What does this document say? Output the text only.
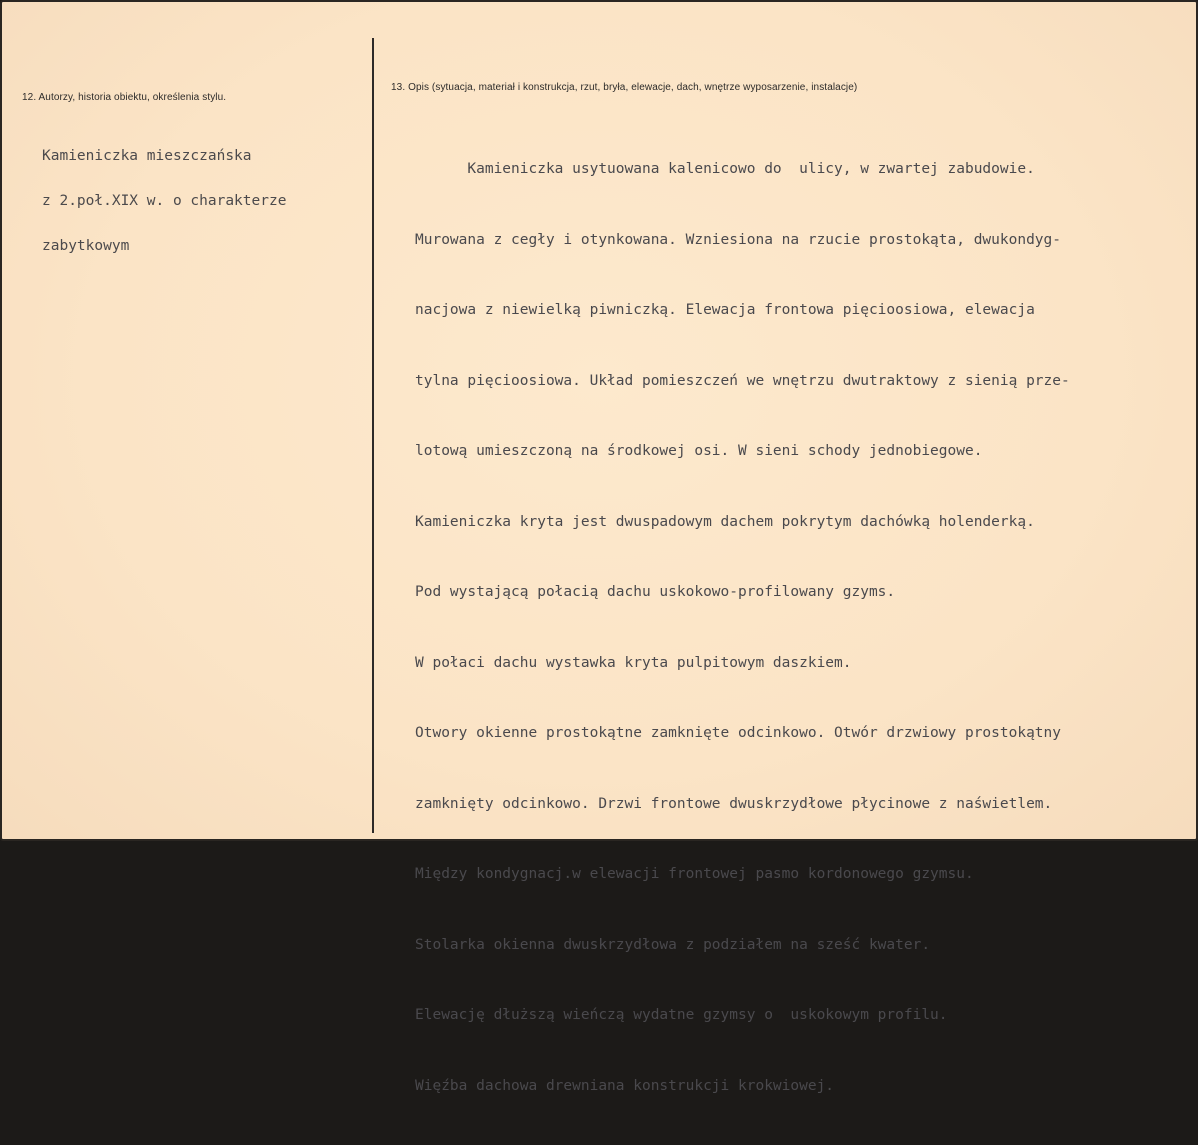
12. Autorzy, historia obiektu, określenia stylu.

Kamieniczka mieszczańska

z 2.poł.XIX w. o charakterze

zabytkowym

13. Opis (sytuacja, materiał i konstrukcja, rzut, bryła, elewacje, dach, wnętrze wyposarzenie, instalacje)

Kamieniczka usytuowana kalenicowo do  ulicy, w zwartej zabudowie.

Murowana z cegły i otynkowana. Wzniesiona na rzucie prostokąta, dwukondyg-

nacjowa z niewielką piwniczką. Elewacja frontowa pięcioosiowa, elewacja

tylna pięcioosiowa. Układ pomieszczeń we wnętrzu dwutraktowy z sienią prze-

lotową umieszczoną na środkowej osi. W sieni schody jednobiegowe.

Kamieniczka kryta jest dwuspadowym dachem pokrytym dachówką holenderką.

Pod wystającą połacią dachu uskokowo-profilowany gzyms.

W połaci dachu wystawka kryta pulpitowym daszkiem.

Otwory okienne prostokątne zamknięte odcinkowo. Otwór drzwiowy prostokątny

zamknięty odcinkowo. Drzwi frontowe dwuskrzydłowe płycinowe z naświetlem.

Między kondygnacj.w elewacji frontowej pasmo kordonowego gzymsu.

Stolarka okienna dwuskrzydłowa z podziałem na sześć kwater.

Elewację dłuższą wieńczą wydatne gzymsy o  uskokowym profilu.

Więźba dachowa drewniana konstrukcji krokwiowej.
